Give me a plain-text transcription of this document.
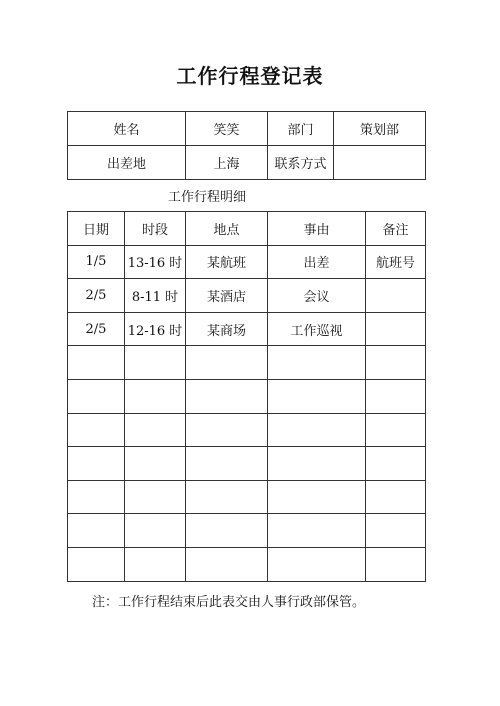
工作行程登记表
姓名	笑笑	部门	策划部
出差地	上海	联系方式	
工作行程明细
日期	时段	地点	事由	备注
1/5	13-16 时	某航班	出差	航班号
2/5	8-11 时	某酒店	会议	
2/5	12-16 时	某商场	工作巡视	

注：工作行程结束后此表交由人事行政部保管。
